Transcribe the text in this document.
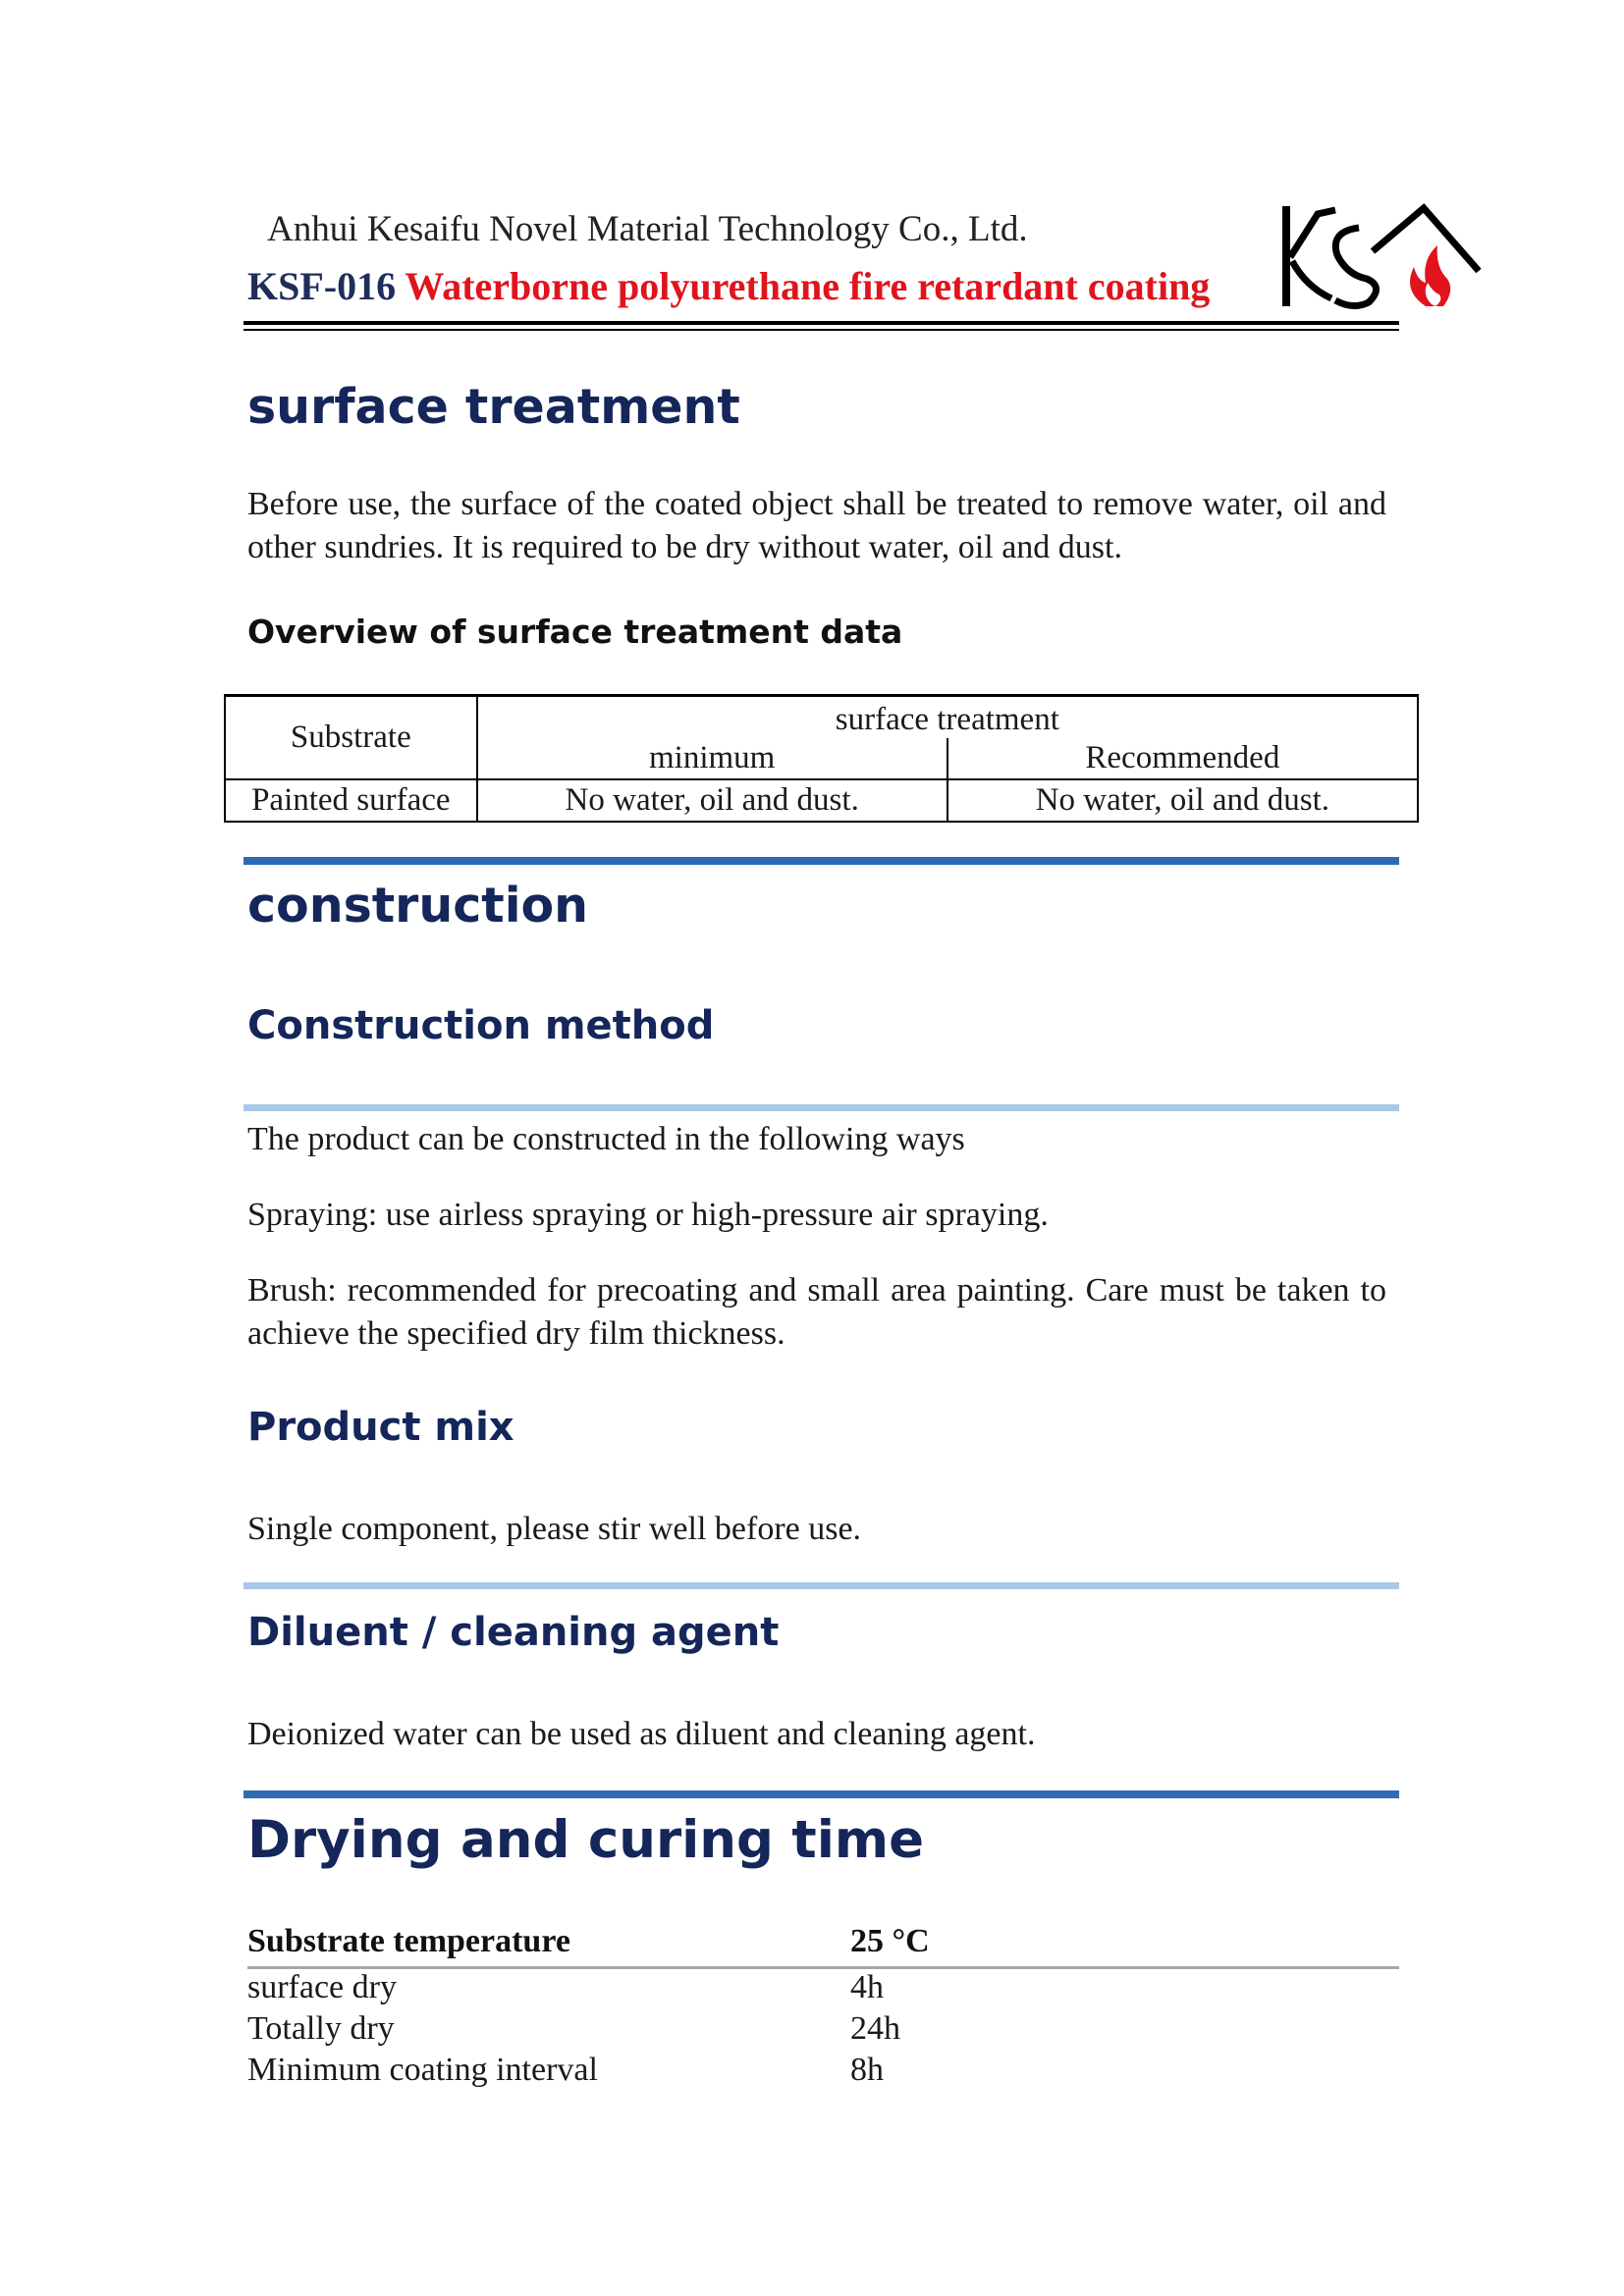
Anhui Kesaifu Novel Material Technology Co., Ltd.
KSF-016 Waterborne polyurethane fire retardant coating
surface treatment
Before use, the surface of the coated object shall be treated to remove water, oil and other sundries. It is required to be dry without water, oil and dust.
Overview of surface treatment data
Substrate	surface treatment	
	minimum	Recommended
Painted surface	No water, oil and dust.	No water, oil and dust.
construction
Construction method
The product can be constructed in the following ways
Spraying: use airless spraying or high-pressure air spraying.
Brush: recommended for precoating and small area painting. Care must be taken to achieve the specified dry film thickness.
Product mix
Single component, please stir well before use.
Diluent / cleaning agent
Deionized water can be used as diluent and cleaning agent.
Drying and curing time
Substrate temperature	25 °C
surface dry	4h
Totally dry	24h
Minimum coating interval	8h
